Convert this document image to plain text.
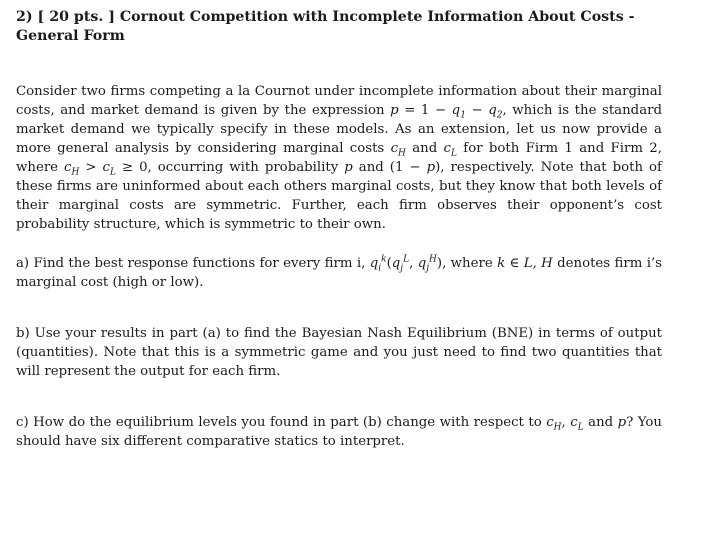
2) [ 20 pts. ] Cornout Competition with Incomplete Information About Costs - General Form

Consider two firms competing a la Cournot under incomplete information about their marginal costs, and market demand is given by the expression $p = 1 - q_1 - q_2$, which is the standard market demand we typically specify in these models. As an extension, let us now provide a more general analysis by considering marginal costs $c_H$ and $c_L$ for both Firm 1 and Firm 2, where $c_H > c_L \ge 0$, occurring with probability p and (1 − p), respectively. Note that both of these firms are uninformed about each others marginal costs, but they know that both levels of their marginal costs are symmetric. Further, each firm observes their opponent’s cost probability structure, which is symmetric to their own.

a) Find the best response functions for every firm i, $q_i^k(q_j^L$, $q_j^H$), where k ∈ L, H denotes firm i’s marginal cost (high or low).

b) Use your results in part (a) to find the Bayesian Nash Equilibrium (BNE) in terms of output (quantities). Note that this is a symmetric game and you just need to find two quantities that will represent the output for each firm.

c) How do the equilibrium levels you found in part (b) change with respect to $c_H$, $c_L$ and p? You should have six different comparative statics to interpret.
